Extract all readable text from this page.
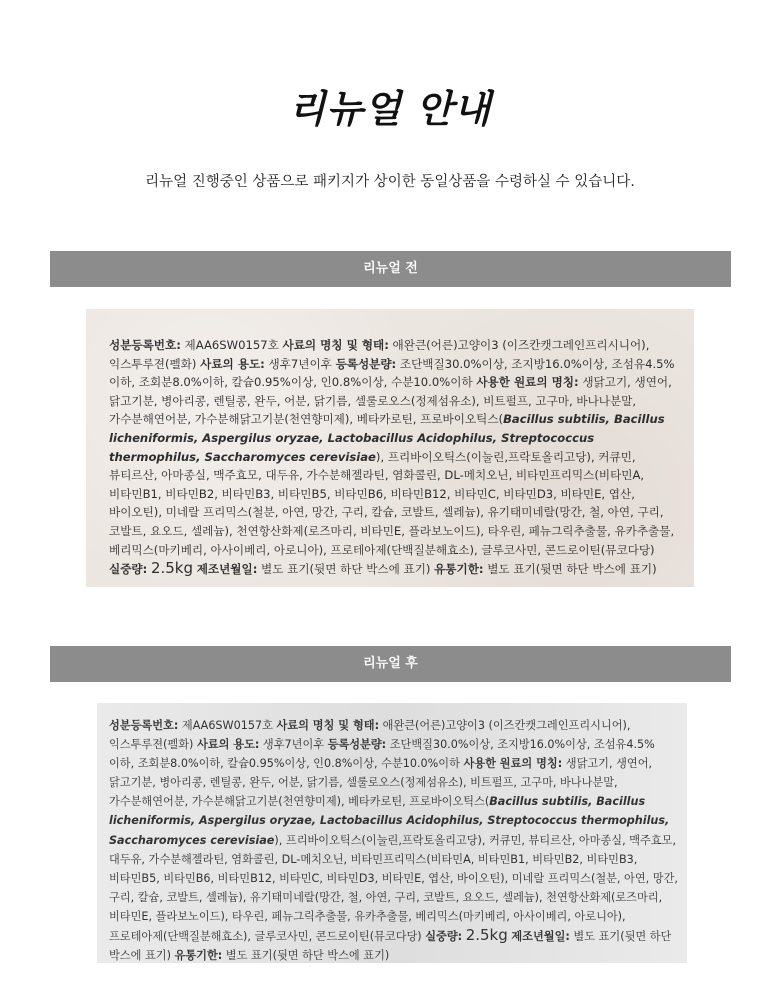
리뉴얼 안내
리뉴얼 진행중인 상품으로 패키지가 상이한 동일상품을 수령하실 수 있습니다.
리뉴얼 전

성분등록번호: 제AA6SW0157호 사료의 명칭 및 형태: 애완큰(어른)고양이3 (이즈칸캣그레인프리시니어), 익스투루젼(펠화) 사료의 용도: 생후7년이후 등록성분량: 조단백질30.0%이상, 조지방16.0%이상, 조섬유4.5%이하, 조회분8.0%이하, 칼슘0.95%이상, 인0.8%이상, 수분10.0%이하 사용한 원료의 명칭: 생닭고기, 생연어, 닭고기분, 병아리콩, 렌틸콩, 완두, 어분, 닭기름, 셀룰로오스(정제섬유소), 비트펄프, 고구마, 바나나분말, 가수분해연어분, 가수분해닭고기분(천연향미제), 베타카로틴, 프로바이오틱스(Bacillus subtilis, Bacillus licheniformis, Aspergilus oryzae, Lactobacillus Acidophilus, Streptococcus thermophilus, Saccharomyces cerevisiae), 프리바이오틱스(이눌린,프락토올리고당), 커큐민, 뷰티르산, 아마종실, 맥주효모, 대두유, 가수분해젤라틴, 염화콜린, DL-메치오닌, 비타민프리믹스(비타민A, 비타민B1, 비타민B2, 비타민B3, 비타민B5, 비타민B6, 비타민B12, 비타민C, 비타민D3, 비타민E, 엽산, 바이오틴), 미네랄 프리믹스(철분, 아연, 망간, 구리, 칼슘, 코발트, 셀레늄), 유기태미네랄(망간, 철, 아연, 구리, 코발트, 요오드, 셀레늄), 천연항산화제(로즈마리, 비타민E, 플라보노이드), 타우린, 페뉴그릭추출물, 유카추출물, 베리믹스(마키베리, 아사이베리, 아로니아), 프로테아제(단백질분해효소), 글루코사민, 콘드로이틴(뮤코다당) 실중량: 2.5kg 제조년월일: 별도 표기(뒷면 하단 박스에 표기) 유통기한: 별도 표기(뒷면 하단 박스에 표기)

리뉴얼 후

성분등록번호: 제AA6SW0157호 사료의 명칭 및 형태: 애완큰(어른)고양이3 (이즈칸캣그레인프리시니어), 익스투루젼(펠화) 사료의 용도: 생후7년이후 등록성분량: 조단백질30.0%이상, 조지방16.0%이상, 조섬유4.5%이하, 조회분8.0%이하, 칼슘0.95%이상, 인0.8%이상, 수분10.0%이하 사용한 원료의 명칭: 생닭고기, 생연어, 닭고기분, 병아리콩, 렌틸콩, 완두, 어분, 닭기름, 셀룰로오스(정제섬유소), 비트펄프, 고구마, 바나나분말, 가수분해연어분, 가수분해닭고기분(천연향미제), 베타카로틴, 프로바이오틱스(Bacillus subtilis, Bacillus licheniformis, Aspergilus oryzae, Lactobacillus Acidophilus, Streptococcus thermophilus, Saccharomyces cerevisiae), 프리바이오틱스(이눌린,프락토올리고당), 커큐민, 뷰티르산, 아마종실, 맥주효모, 대두유, 가수분해젤라틴, 염화콜린, DL-메치오닌, 비타민프리믹스(비타민A, 비타민B1, 비타민B2, 비타민B3, 비타민B5, 비타민B6, 비타민B12, 비타민C, 비타민D3, 비타민E, 엽산, 바이오틴), 미네랄 프리믹스(철분, 아연, 망간, 구리, 칼슘, 코발트, 셀레늄), 유기태미네랄(망간, 철, 아연, 구리, 코발트, 요오드, 셀레늄), 천연항산화제(로즈마리, 비타민E, 플라보노이드), 타우린, 페뉴그릭추출물, 유카추출물, 베리믹스(마키베리, 아사이베리, 아로니아), 프로테아제(단백질분해효소), 글루코사민, 콘드로이틴(뮤코다당) 실중량: 2.5kg 제조년월일: 별도 표기(뒷면 하단 박스에 표기) 유통기한: 별도 표기(뒷면 하단 박스에 표기)
